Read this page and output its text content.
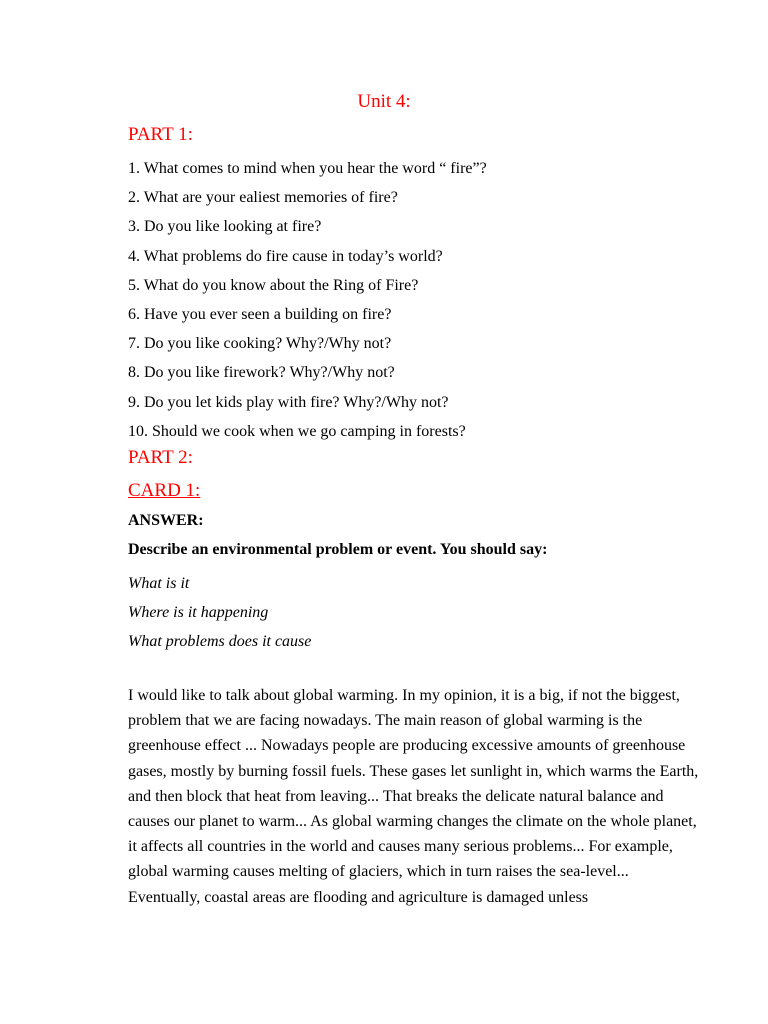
Unit 4:
PART 1:
1. What comes to mind when you hear the word “ fire”?
2. What are your ealiest memories of fire?
3. Do you like looking at fire?
4. What problems do fire cause in today’s world?
5. What do you know about the Ring of Fire?
6. Have you ever seen a building on fire?
7. Do you like cooking? Why?/Why not?
8. Do you like firework? Why?/Why not?
9. Do you let kids play with fire? Why?/Why not?
10. Should we cook when we go camping in forests?
PART 2:
CARD 1:
ANSWER:
Describe an environmental problem or event. You should say:
What is it
Where is it happening
What problems does it cause

I would like to talk about global warming. In my opinion, it is a big, if not the biggest, problem that we are facing nowadays. The main reason of global warming is the greenhouse effect ... Nowadays people are producing excessive amounts of greenhouse gases, mostly by burning fossil fuels. These gases let sunlight in, which warms the Earth, and then block that heat from leaving... That breaks the delicate natural balance and causes our planet to warm... As global warming changes the climate on the whole planet, it affects all countries in the world and causes many serious problems... For example, global warming causes melting of glaciers, which in turn raises the sea-level... Eventually, coastal areas are flooding and agriculture is damaged unless
